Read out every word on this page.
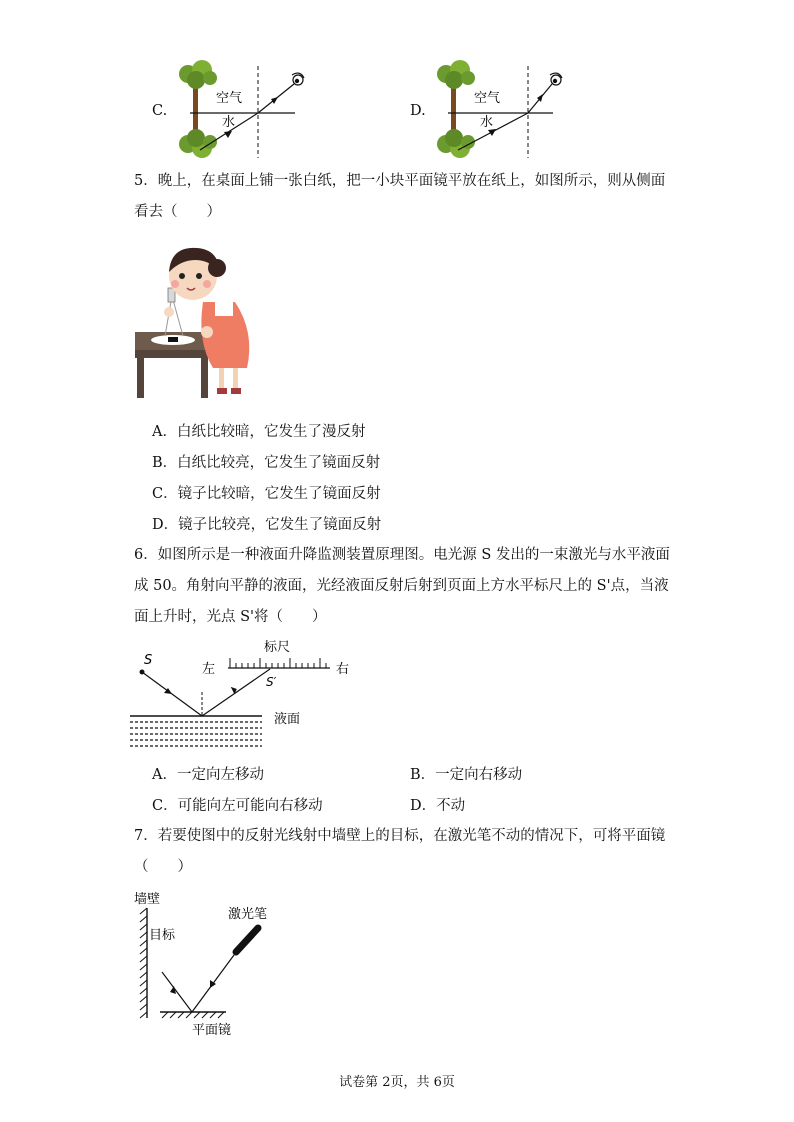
C.
空气
水
D.
空气
水
5．晚上，在桌面上铺一张白纸，把一小块平面镜平放在纸上，如图所示，则从侧面看去（　　）
A．白纸比较暗，它发生了漫反射
B．白纸比较亮，它发生了镜面反射
C．镜子比较暗，它发生了镜面反射
D．镜子比较亮，它发生了镜面反射
6．如图所示是一种液面升降监测装置原理图。电光源 S 发出的一束激光与水平液面成 50。角射向平静的液面，光经液面反射后射到页面上方水平标尺上的 S'点，当液面上升时，光点 S'将（　　）
S
左
标尺
右
S′
液面
A．一定向左移动	B．一定向右移动
C．可能向左可能向右移动	D．不动
7．若要使图中的反射光线射中墙壁上的目标，在激光笔不动的情况下，可将平面镜（　　）
墙壁
激光笔
目标
平面镜
试卷第 2页，共 6页
